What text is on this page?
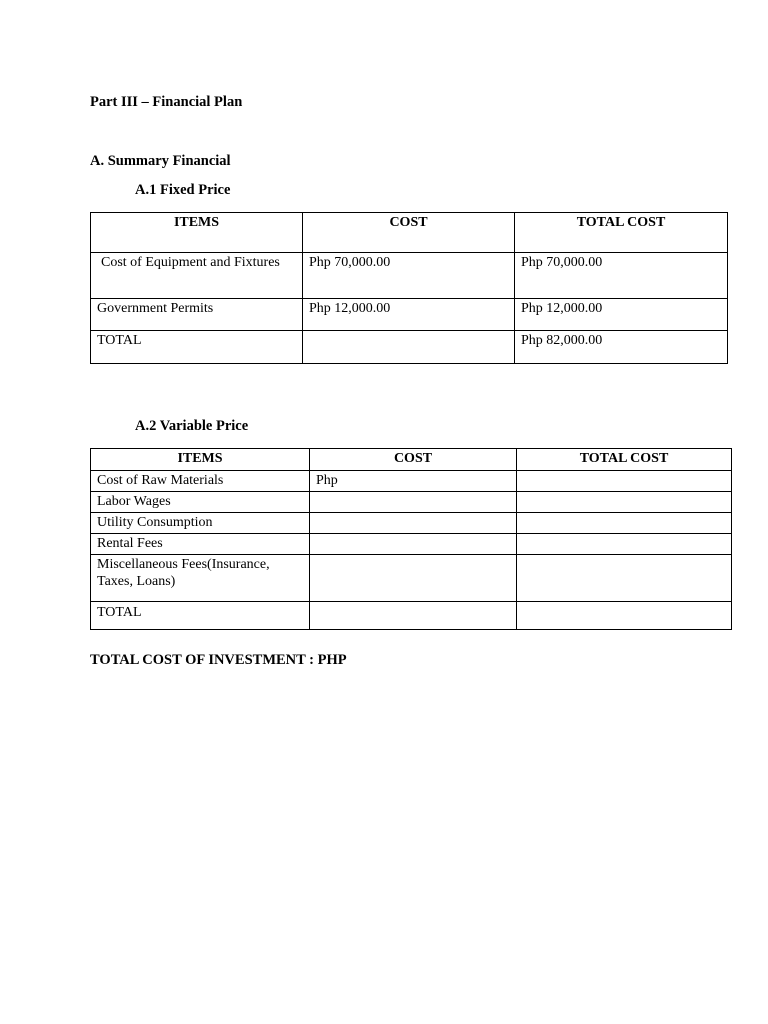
Part III – Financial Plan
A. Summary Financial
A.1 Fixed Price
ITEMS	COST	TOTAL COST
Cost of Equipment and Fixtures	Php 70,000.00	Php 70,000.00
Government Permits	Php 12,000.00	Php 12,000.00
TOTAL		Php 82,000.00
A.2 Variable Price
ITEMS	COST	TOTAL COST
Cost of Raw Materials	Php	
Labor Wages		
Utility Consumption		
Rental Fees		
Miscellaneous Fees(Insurance, Taxes, Loans)		
TOTAL		
TOTAL COST OF INVESTMENT : PHP
